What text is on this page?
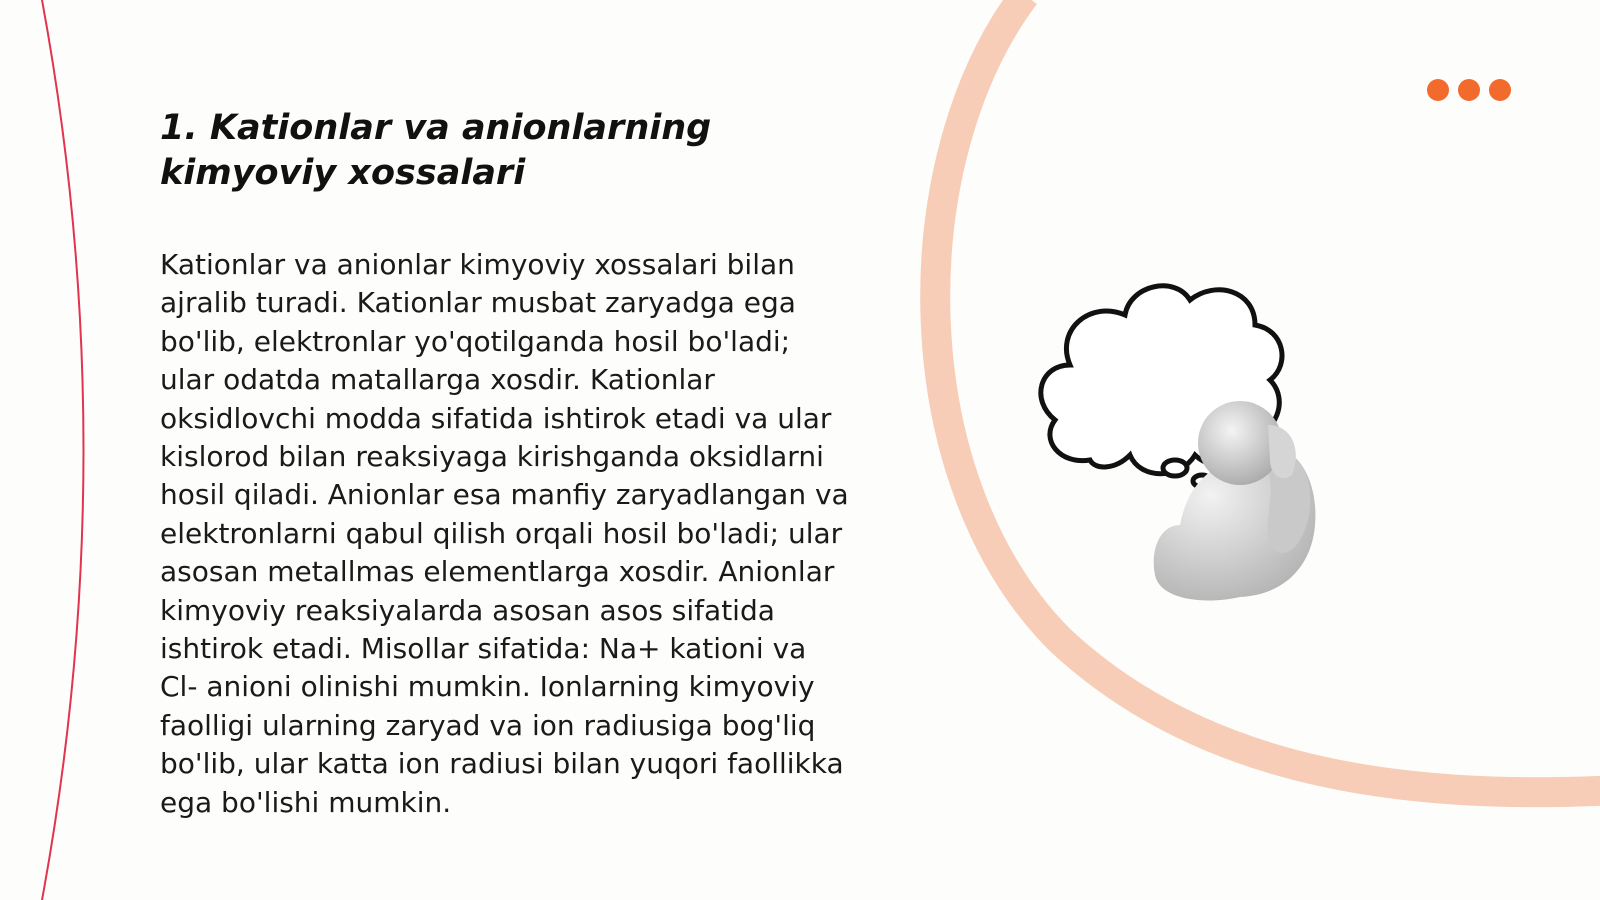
1. Kationlar va anionlarning kimyoviy xossalari

Kationlar va anionlar kimyoviy xossalari bilan ajralib turadi. Kationlar musbat zaryadga ega bo'lib, elektronlar yo'qotilganda hosil bo'ladi; ular odatda matallarga xosdir. Kationlar oksidlovchi modda sifatida ishtirok etadi va ular kislorod bilan reaksiyaga kirishganda oksidlarni hosil qiladi. Anionlar esa manfiy zaryadlangan va elektronlarni qabul qilish orqali hosil bo'ladi; ular asosan metallmas elementlarga xosdir. Anionlar kimyoviy reaksiyalarda asosan asos sifatida ishtirok etadi. Misollar sifatida: Na+ kationi va Cl- anioni olinishi mumkin. Ionlarning kimyoviy faolligi ularning zaryad va ion radiusiga bog'liq bo'lib, ular katta ion radiusi bilan yuqori faollikka ega bo'lishi mumkin.
